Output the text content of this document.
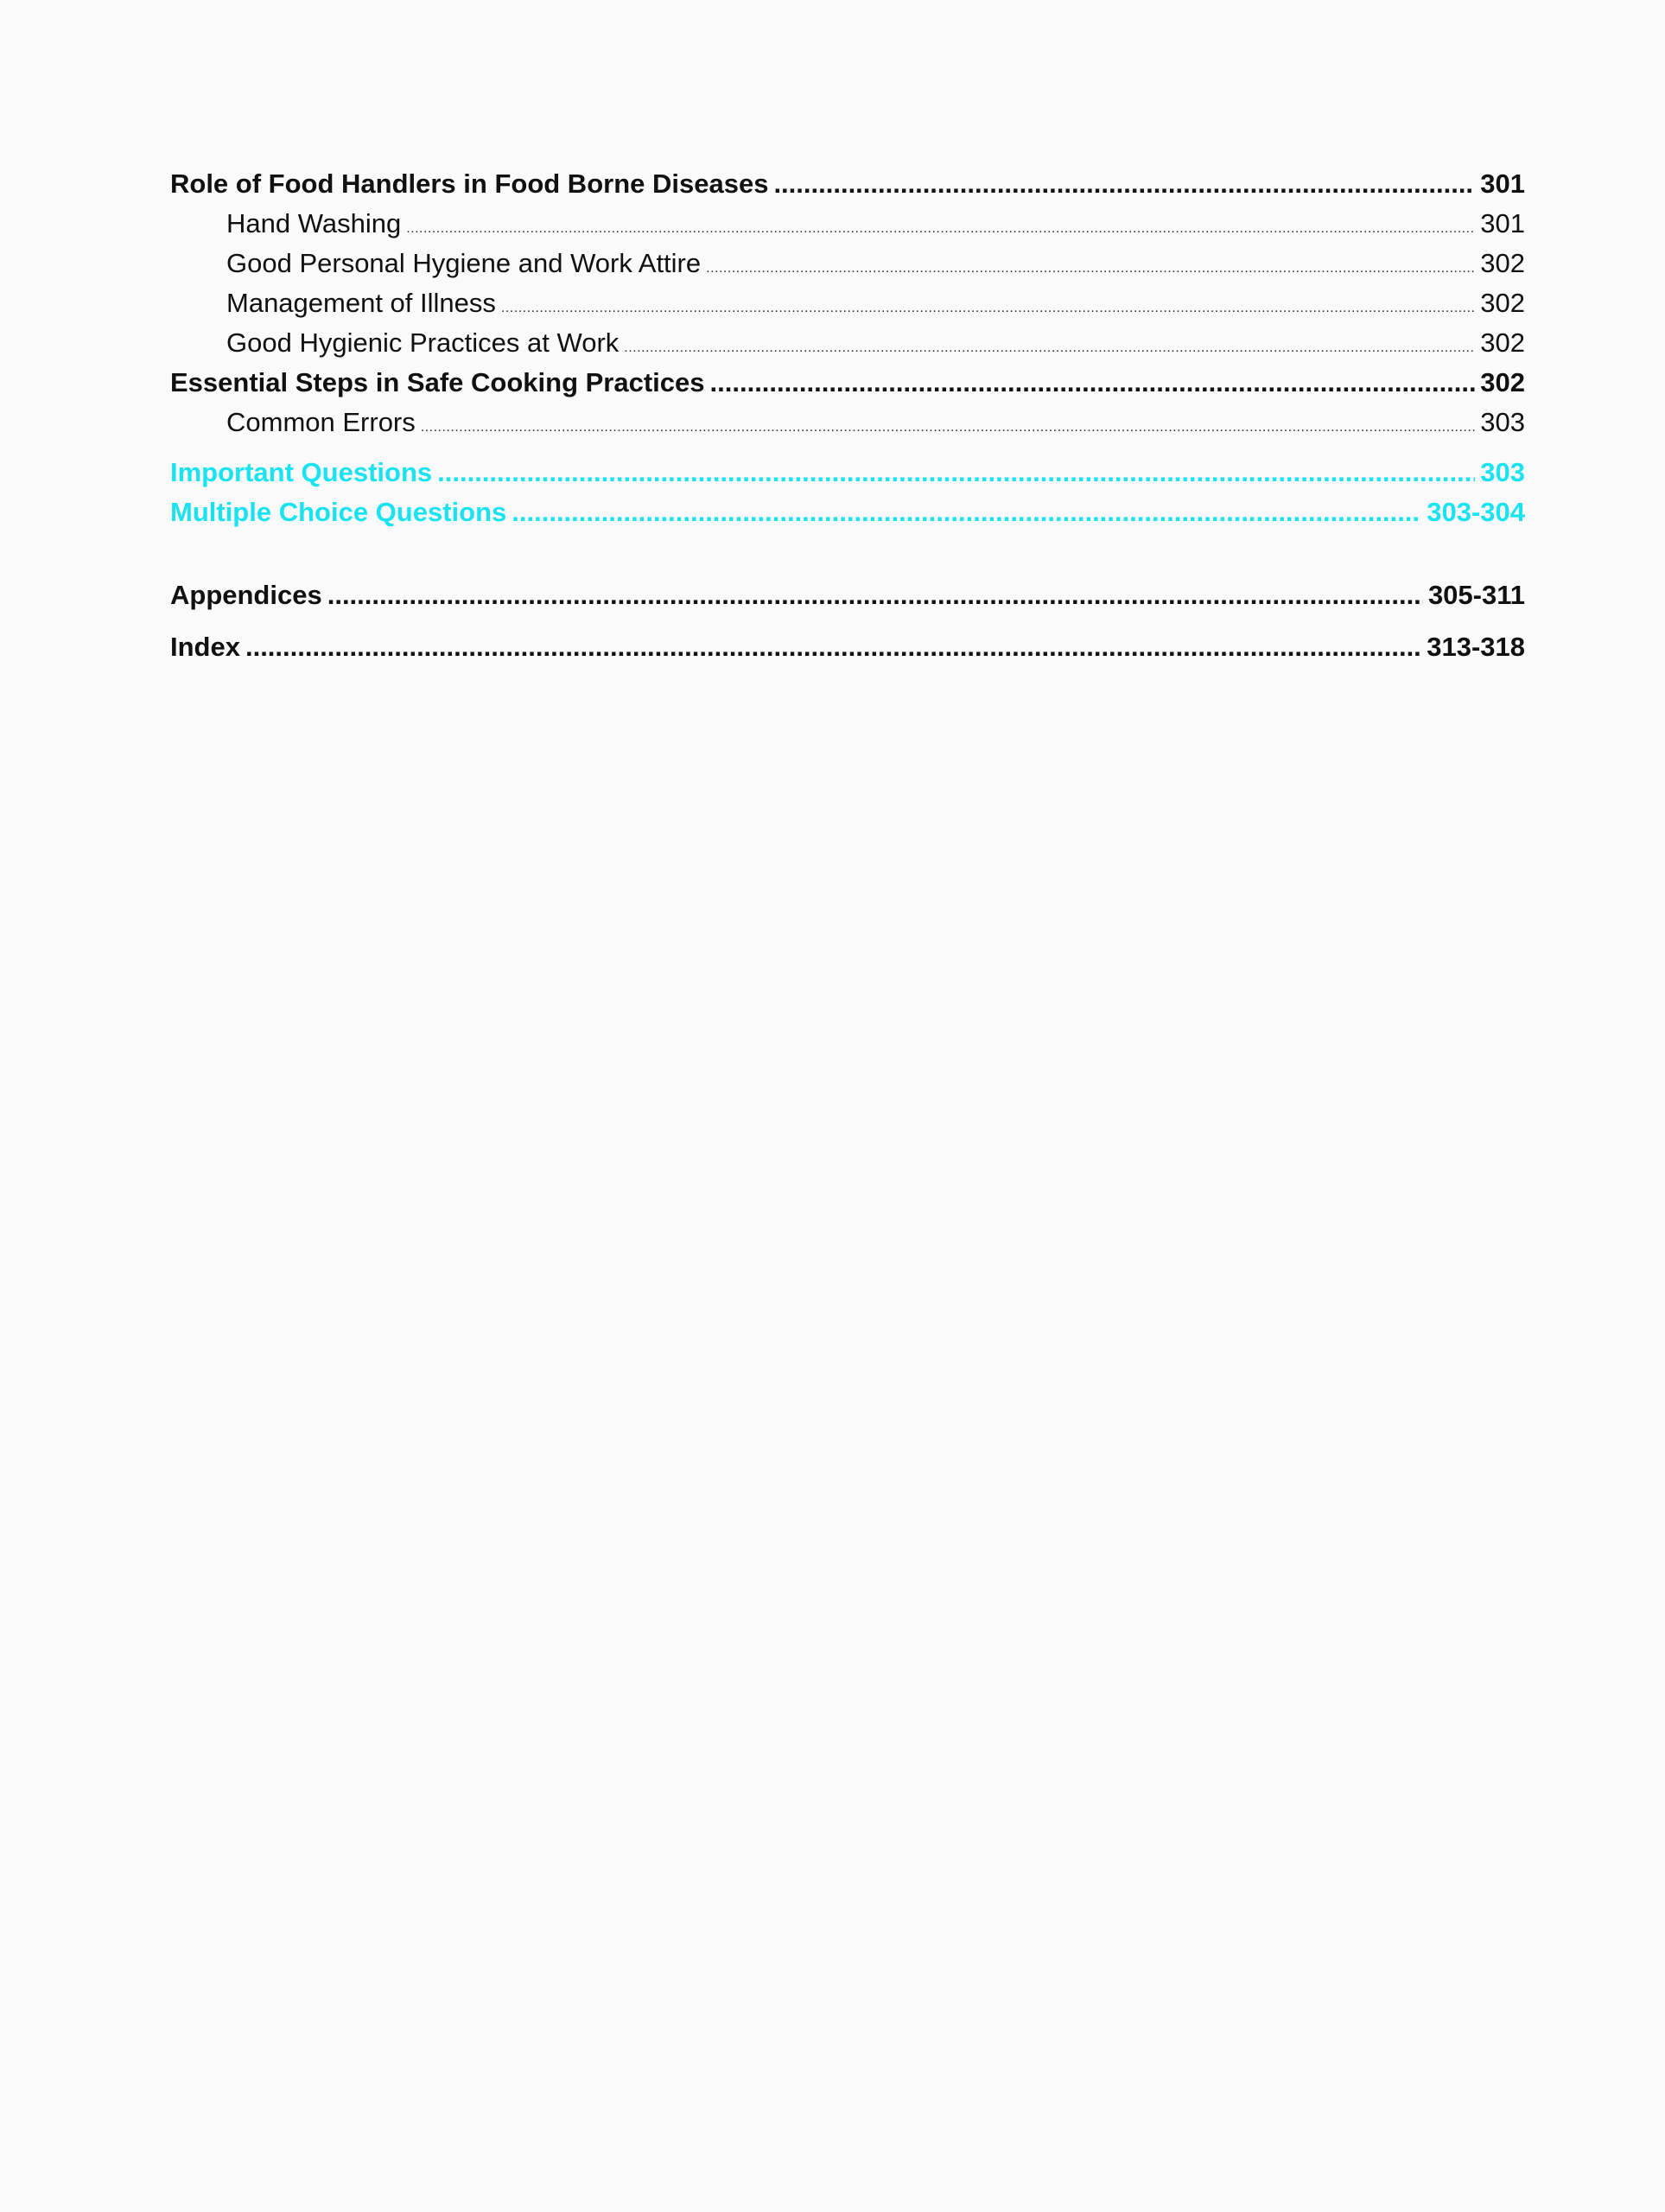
Role of Food Handlers in Food Borne Diseases .....	301
Hand Washing .....	301
Good Personal Hygiene and Work Attire .....	302
Management of Illness .....	302
Good Hygienic Practices at Work .....	302
Essential Steps in Safe Cooking Practices .....	302
Common Errors .....	303
Important Questions .....	303
Multiple Choice Questions .....	303-304
Appendices .....	305-311
Index .....	313-318
